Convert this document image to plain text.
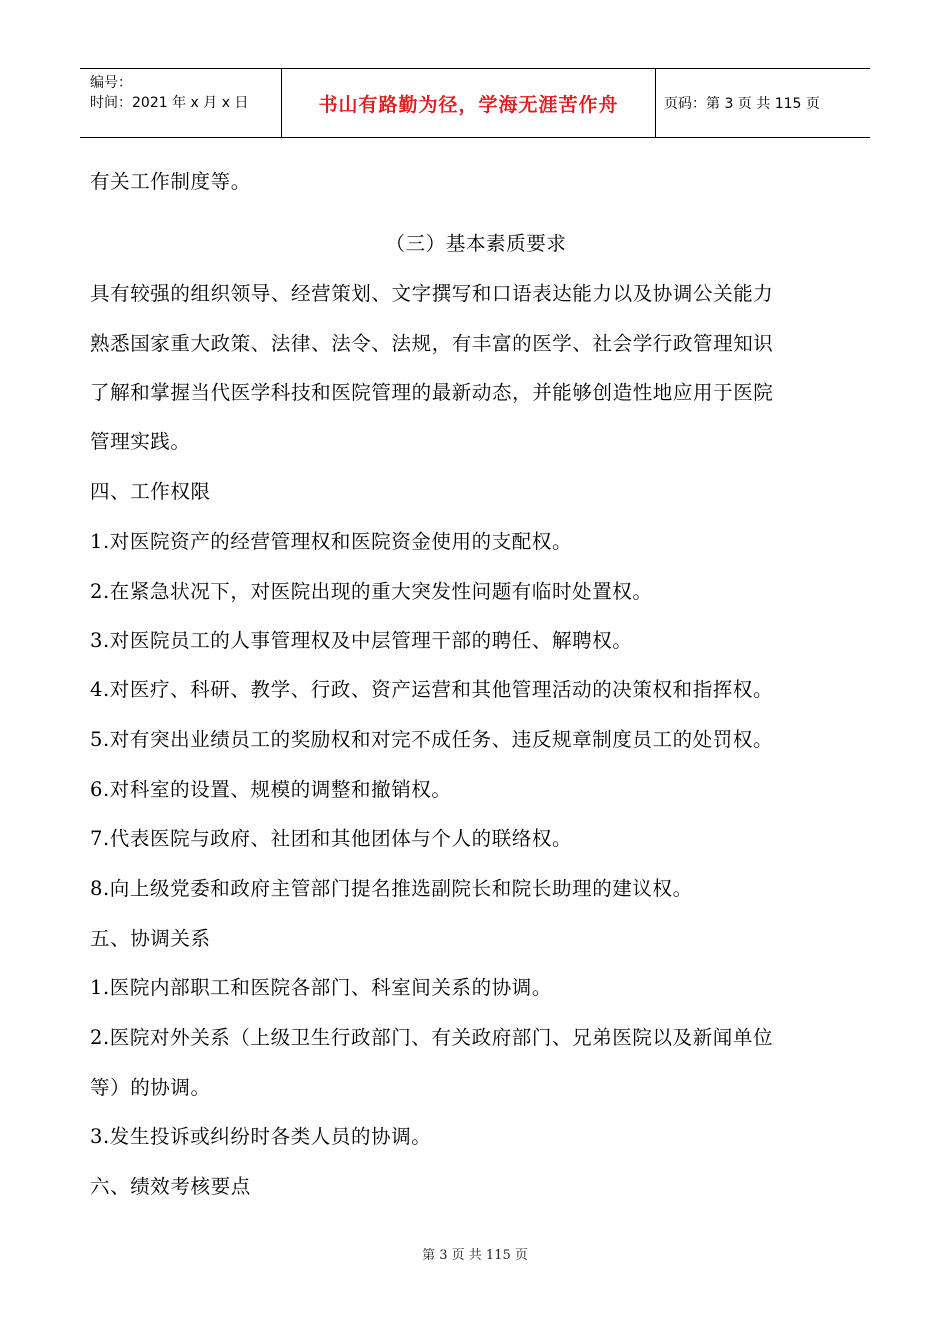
编号：
时间：2021 年 x 月 x 日	书山有路勤为径，学海无涯苦作舟	页码：第 3 页 共 115 页
有关工作制度等。
（三）基本素质要求
具有较强的组织领导、经营策划、文字撰写和口语表达能力以及协调公关能力
熟悉国家重大政策、法律、法令、法规，有丰富的医学、社会学行政管理知识
了解和掌握当代医学科技和医院管理的最新动态，并能够创造性地应用于医院
管理实践。
四、工作权限
1.对医院资产的经营管理权和医院资金使用的支配权。
2.在紧急状况下，对医院出现的重大突发性问题有临时处置权。
3.对医院员工的人事管理权及中层管理干部的聘任、解聘权。
4.对医疗、科研、教学、行政、资产运营和其他管理活动的决策权和指挥权。
5.对有突出业绩员工的奖励权和对完不成任务、违反规章制度员工的处罚权。
6.对科室的设置、规模的调整和撤销权。
7.代表医院与政府、社团和其他团体与个人的联络权。
8.向上级党委和政府主管部门提名推选副院长和院长助理的建议权。
五、协调关系
1.医院内部职工和医院各部门、科室间关系的协调。
2.医院对外关系（上级卫生行政部门、有关政府部门、兄弟医院以及新闻单位
等）的协调。
3.发生投诉或纠纷时各类人员的协调。
六、绩效考核要点
第 3 页 共 115 页
